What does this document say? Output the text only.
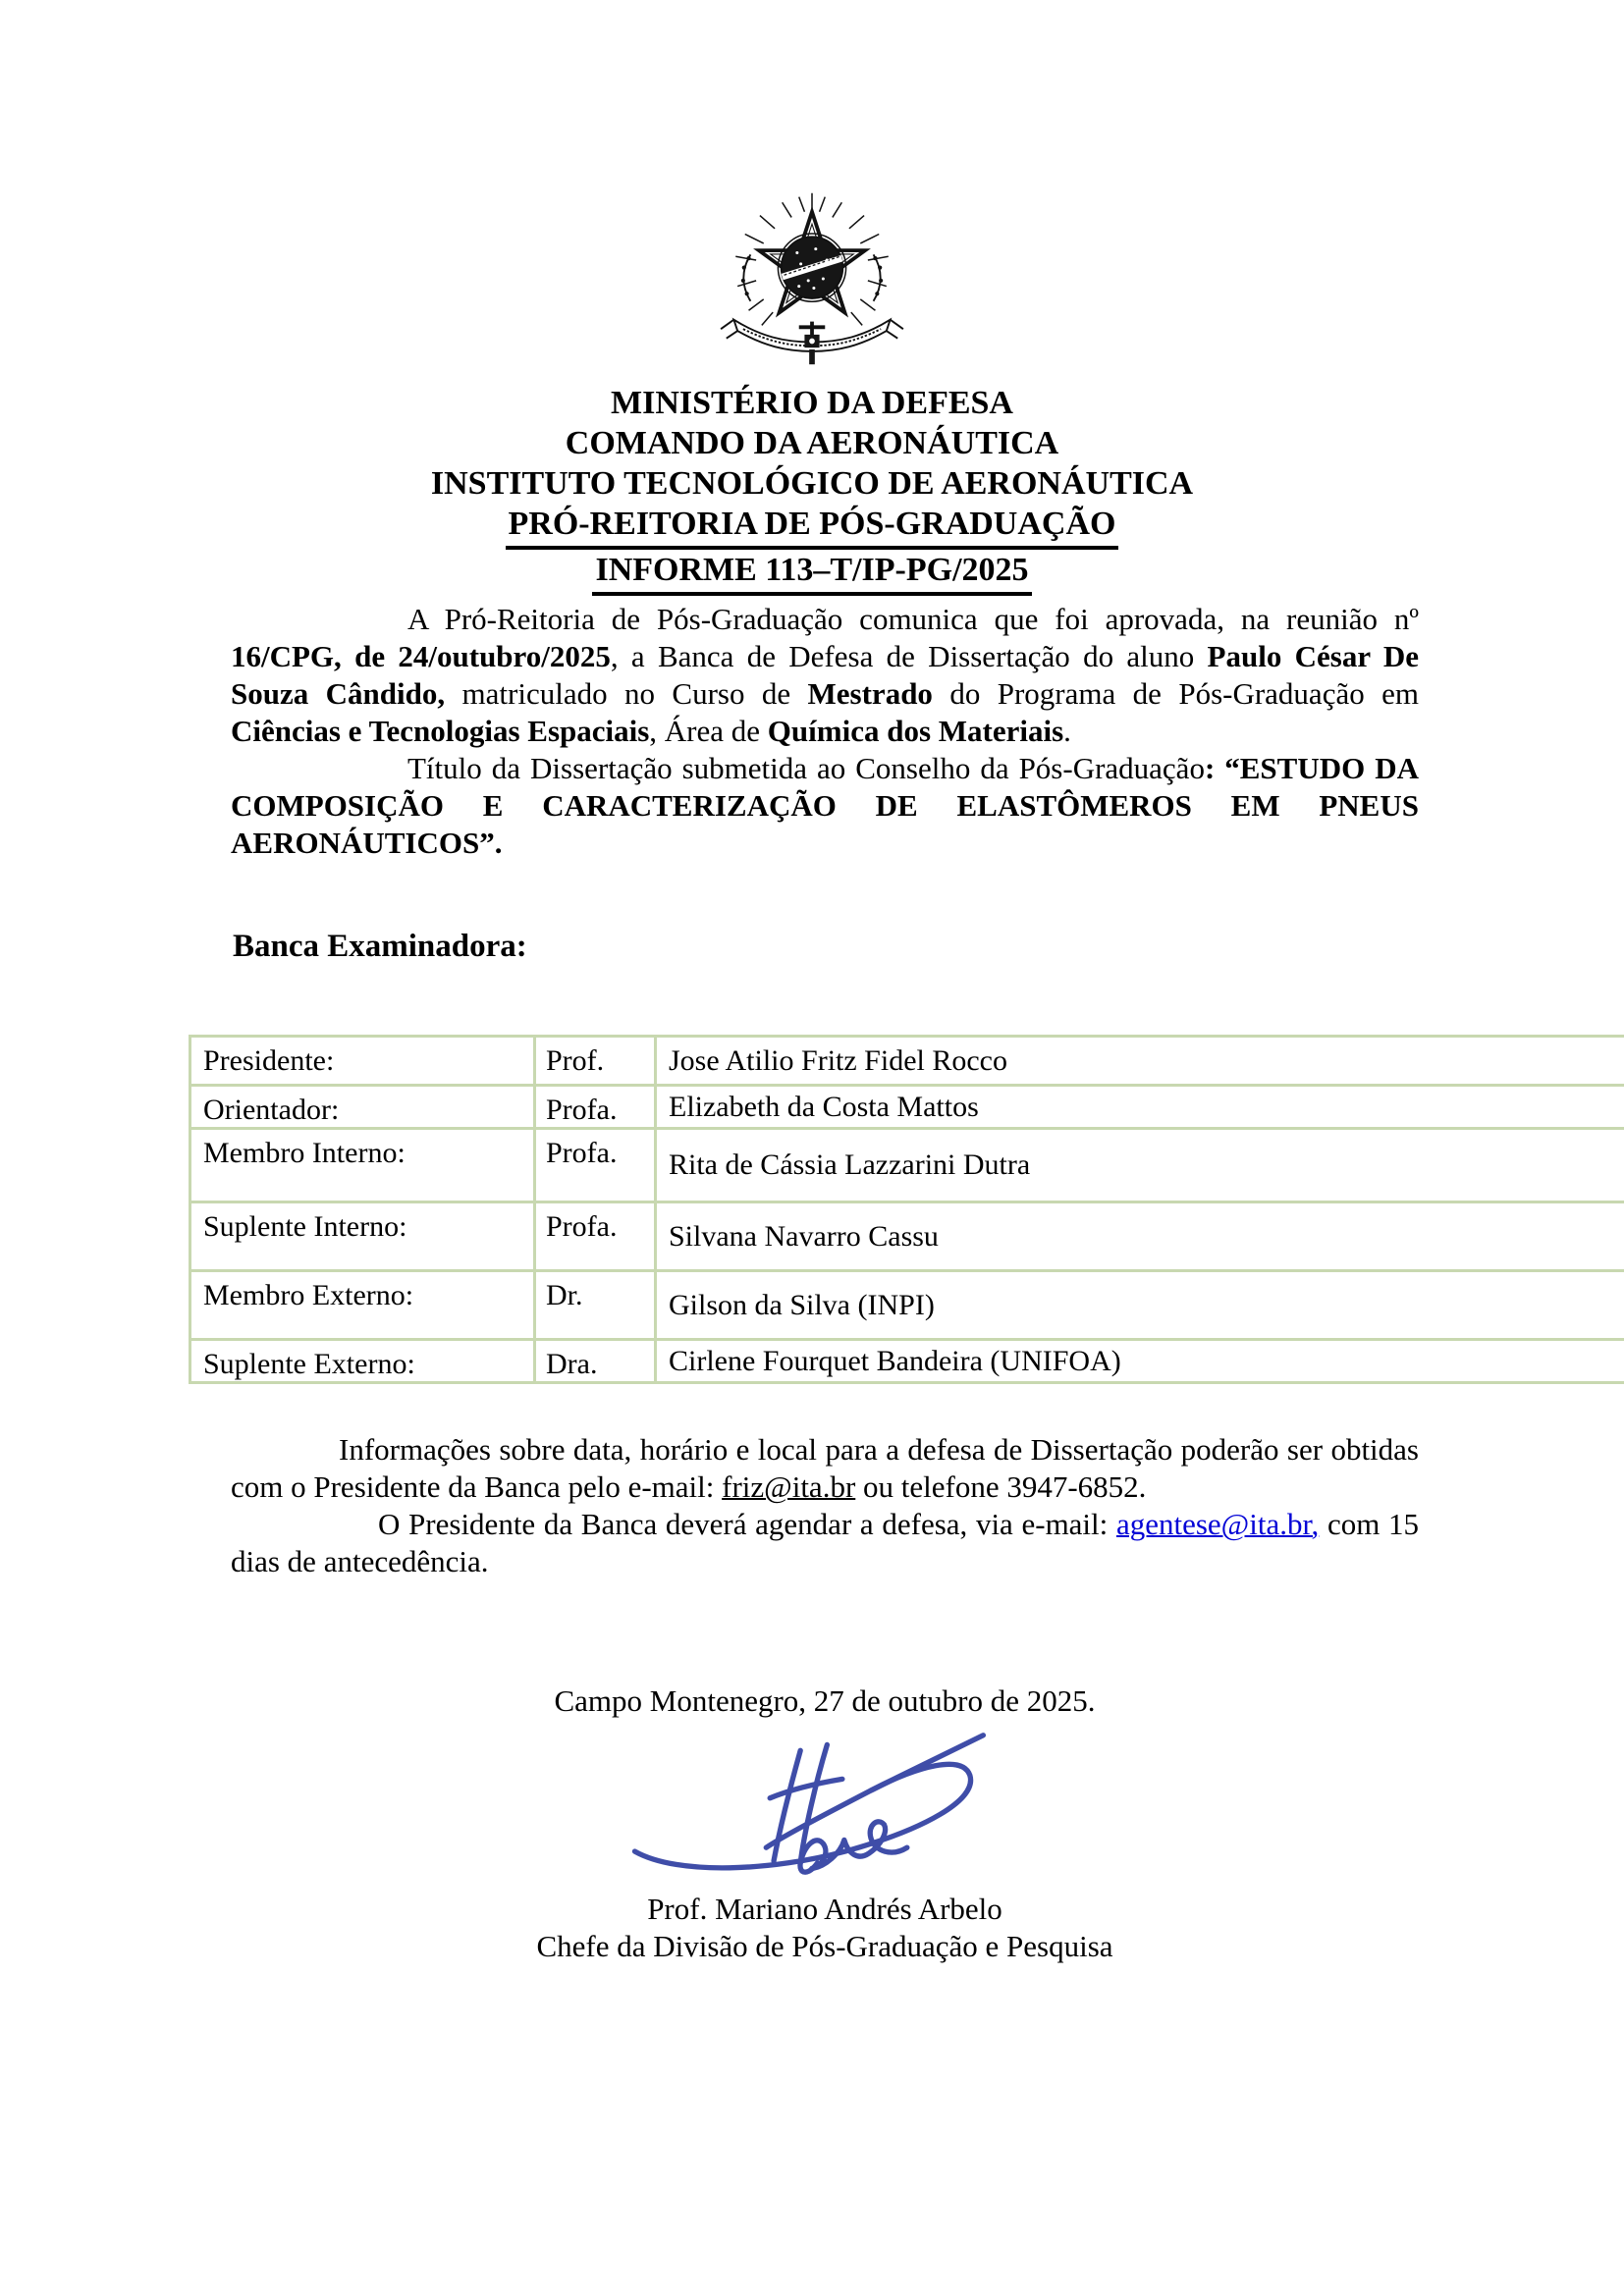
MINISTÉRIO DA DEFESA
COMANDO DA AERONÁUTICA
INSTITUTO TECNOLÓGICO DE AERONÁUTICA
PRÓ-REITORIA DE PÓS-GRADUAÇÃO
INFORME 113–T/IP-PG/2025

A Pró-Reitoria de Pós-Graduação comunica que foi aprovada, na reunião nº 16/CPG, de 24/outubro/2025, a Banca de Defesa de Dissertação do aluno Paulo César De Souza Cândido, matriculado no Curso de Mestrado do Programa de Pós-Graduação em Ciências e Tecnologias Espaciais, Área de Química dos Materiais.

Título da Dissertação submetida ao Conselho da Pós-Graduação: “ESTUDO DA COMPOSIÇÃO E CARACTERIZAÇÃO DE ELASTÔMEROS EM PNEUS AERONÁUTICOS”.

Banca Examinadora:

Presidente:	Prof.	Jose Atilio Fritz Fidel Rocco
Orientador:	Profa.	Elizabeth da Costa Mattos
Membro Interno:	Profa.	Rita de Cássia Lazzarini Dutra
Suplente Interno:	Profa.	Silvana Navarro Cassu
Membro Externo:	Dr.	Gilson da Silva (INPI)
Suplente Externo:	Dra.	Cirlene Fourquet Bandeira (UNIFOA)

Informações sobre data, horário e local para a defesa de Dissertação poderão ser obtidas com o Presidente da Banca pelo e-mail: friz@ita.br ou telefone 3947-6852.

O Presidente da Banca deverá agendar a defesa, via e-mail: agentese@ita.br, com 15 dias de antecedência.

Campo Montenegro, 27 de outubro de 2025.

Prof. Mariano Andrés Arbelo

Chefe da Divisão de Pós-Graduação e Pesquisa
